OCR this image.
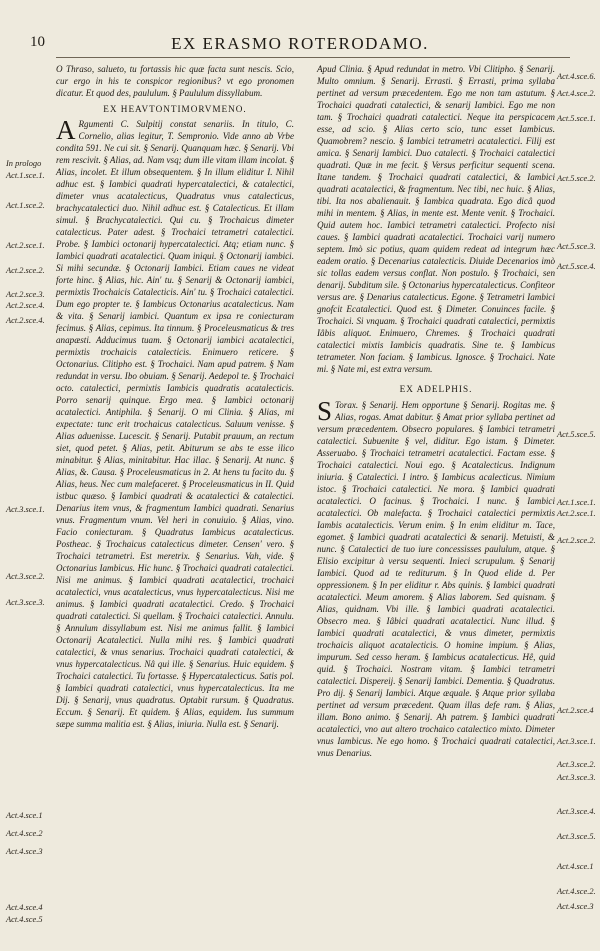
10	EX ERASMO ROTERODAMO.

O Thraso, salueto, tu fortassis hic quæ facta sunt nescis. Scio, cur ergo in his te conspicor regionibus? vt ego pronomen dicatur. Et quod des, paululum. § Paululum dissyllabum.

EX HEAVTONTIMORVMENO.

A Rgumenti C. Sulpitij constat senariis. In titulo, C. Cornelio, alias legitur, T. Sempronio. Vide anno ab Vrbe condita 591. Ne cui sit. § Senarij. Quanquam hæc. § Senarij. Vbi rem rescivit. § Alias, ad. Nam vsq; dum ille vitam illam incolat. § Alias, incolet. Et illum obsequentem. § In illum eliditur I. Nihil adhuc est. § Iambici quadrati hypercatalectici, & catalectici, dimeter vnus acatalecticus, Quadratus vnus catalecticus, brachycatalectici duo. Nihil adhuc est. § Catalecticus. Et illam simul. § Brachycatalectici. Qui cu. § Trochaicus dimeter catalecticus. Pater adest. § Trochaici tetrametri catalectici. Probe. § Iambici octonarij hypercatalectici. Atq; etiam nunc. § Iambici quadrati acatalectici. Quam iniqui. § Octonarij iambici. Si mihi secundæ. § Octonarij Iambici. Etiam caues ne videat forte hinc. § Alias, hic. Ain' tu. § Senarij & Octonarij iambici, permixtis Trochaicis Catalecticis. Ain' tu. § Trochaici catalectici. Dum ego propter te. § Iambicus Octonarius acatalecticus. Nam & vita. § Senarij iambici. Quantum ex ipsa re coniecturam fecimus. § Alias, cepimus. Ita tinnum. § Proceleusmaticus & tres anapæsti. Adducimus tuam. § Octonarij iambici acatalectici, permixtis trochaicis catalecticis. Enimuero reticere. § Octonarius. Clitipho est. § Trochaici. Nam apud patrem. § Nam redundat in versu. Ibo obuiam. § Senarij. Aedepol te. § Trochaici octo. catalectici, permixtis Iambicis quadratis acatalecticis. Porro senarij quinque. Ergo mea. § Iambici octonarij acatalectici. Antiphila. § Senarij. O mi Clinia. § Alias, mi expectate: tunc erit trochaicus catalecticus. Saluum venisse. § Alias aduenisse. Lucescit. § Senarij. Putabit prauum, an rectum siet, quod petet. § Alias, petit. Abiturum se abs te esse ilico minabitur. § Alias, minitabitur. Hac illac. § Senarij. At nunc. § Alias, &. Causa. § Proceleusmaticus in 2. At hens tu facito du. § Alias, heus. Nec cum malefaceret. § Proceleusmaticus in II. Quid istbuc quæso. § Iambici quadrati & acatalectici & catalectici. Denarius item vnus, & fragmentum Iambici quadrati. Senarius vnus. Fragmentum vnum. Vel heri in conuiuio. § Alias, vino. Facio coniecturam. § Quadratus Iambicus acatalecticus. Postheac. § Trochaicus catalecticus dimeter. Censen' vero. § Trochaici tetrametri. Est meretrix. § Senarius. Vah, vide. § Octonarius Iambicus. Hic hunc. § Trochaici quadrati catalectici. Nisi me animus. § Iambici quadrati acatalectici, trochaici acatalectici, vnus acatalecticus, vnus hypercatalecticus. Nisi me animus. § Iambici quadrati acatalectici. Credo. § Trochaici quadrati catalectici. Si quellam. § Trochaici catalectici. Annulu. § Annulum dissyllabum est. Nisi me animus fallit. § Iambici Octonarij Acatalectici. Nulla mihi res. § Iambici quadrati catalectici, & vnus senarius. Trochaici quadrati catalectici, & vnus hypercatalecticus. Nâ qui ille. § Senarius. Huic equidem. § Trochaici catalectici. Tu fortasse. § Hypercatalecticus. Satis pol. § Iambici quadrati catalectici, vnus hypercatalecticus. Ita me Dij. § Senarij, vnus quadratus. Optabit rursum. § Quadratus. Eccum. § Senarij. Et quidem. § Alias, equidem. Ius summum sæpe summa malitia est. § Alias, iniuria. Nulla est. § Senarij.

Apud Clinia. § Apud redundat in metro. Vbi Clitipho. § Senarij. Multo omnium. § Senarij. Errasti. § Errasti, prima syllaba pertinet ad versum præcedentem. Ego me non tam astutum. § Trochaici quadrati catalectici, & senarij Iambici. Ego me non tam. § Trochaici quadrati catalectici. Neque ita perspicacem esse, ad scio. § Alias certo scio, tunc esset Iambicus. Quamobrem? nescio. § Iambici tetrametri acatalectici. Filij est amica. § Senarij Iambici. Duo catalecti. § Trochaici catalectici quadrati. Quæ in me fecit. § Versus perficitur sequenti scena. Itane tandem. § Trochaici quadrati catalectici, & Iambici quadrati acatalectici, & fragmentum. Nec tibi, nec huic. § Alias, tibi. Ita nos abalienauit. § Iambica quadrata. Ego dicâ quod mihi in mentem. § Alias, in mente est. Mente venit. § Trochaici. Quid autem hoc. Iambici tetrametri catalectici. Profecto nisi caues. § Iambici quadrati acatalectici. Trochaici varij numero septem. Imò sic potius, quam quidem redeat ad integrum hæc eadem oratio. § Decenarius catalecticis. Diuide Decenarios imò sic tollas eadem versus conflat. Non postulo. § Trochaici, sen denarij. Subditum sile. § Octonarius hypercatalecticus. Confiteor versus are. § Denarius catalecticus. Egone. § Tetrametri Iambici gnofcit Ecatalectici. Quod est. § Dimeter. Conuinces facile. § Trochaici. Si vnquam. § Trochaici quadrati catalectici, permixtis Iâbis aliquot. Enimuero, Chremes. § Trochaici quadrati catalectici mixtis Iambicis quadratis. Sine te. § Iambicus tetrameter. Non faciam. § Iambicus. Ignosce. § Trochaici. Nate mi. § Nate mi, est extra versum.

EX ADELPHIS.

S Torax. § Senarij. Hem opportune § Senarij. Rogitas me. § Alias, rogas. Amat dabitur. § Amat prior syllaba pertinet ad versum præcedentem. Obsecro populares. § Iambici tetrametri catalectici. Subuenite § vel, diditur. Ego istam. § Dimeter. Asseruabo. § Trochaici tetrametri acatalectici. Factam esse. § Trochaici catalectici. Noui ego. § Acatalecticus. Indignum iniuria. § Catalectici. I intro. § Iambicus acalecticus. Nimium istoc. § Trochaici catalectici. Ne mora. § Iambici quadrati acatalectici. O facinus. § Trochaici. I nunc. § Iambici acatalectici. Ob malefacta. § Trochaici catalectici permixtis Iambis acatalecticis. Verum enim. § In enim eliditur m. Tace, egomet. § Iambici quadrati acatalectici & senarij. Metuisti, & nunc. § Catalectici de tuo iure concessisses paululum, atque. § Elisio excipitur à versu sequenti. Inieci scrupulum. § Senarij Iambici. Quod ad te rediturum. § In Quod elide d. Per oppressionem. § In per eliditur r. Abs quinis. § Iambici quadrati acatalectici. Meum amorem. § Alias laborem. Sed quisnam. § Alias, quidnam. Vbi ille. § Iambici quadrati acatalectici. Obsecro mea. § Iâbici quadrati acatalectici. Nunc illud. § Iambici quadrati acatalectici, & vnus dimeter, permixtis trochaicis aliquot acatalecticis. O homine impium. § Alias, impurum. Sed cesso heram. § Iambicus acatalecticus. Hê, quid quid. § Trochaici. Nostram vitam. § Iambici tetrametri catalectici. Dispereij. § Senarij Iambici. Dementia. § Quadratus. Pro dij. § Senarij Iambici. Atque æquale. § Atque prior syllaba pertinet ad versum præcedent. Quam illas defe ram. § Alias, illam. Bono animo. § Senarij. Ah patrem. § Iambici quadrati acatalectici, vno aut altero trochaico catalectico mixto. Dimeter vnus Iambicus. Ne ego homo. § Trochaici quadrati catalectici, vnus Denarius.

In prologo
Act.1.sce.1.
Act.1.sce.2.
Act.2.sce.1.
Act.2.sce.2.
Act.2.sce.3.
Act.2.sce.4.
Act.2.sce.4.
Act.3.sce.1.
Act.3.sce.2.
Act.3.sce.3.
Act.4.sce.1
Act.4.sce.2
Act.4.sce.3
Act.4.sce.4
Act.4.sce.5
Act.4.sce.6.
Act.4.sce.2.
Act.5.sce.1.
Act.5.sce.2.
Act.5.sce.3.
Act.5.sce.4.
Act.5.sce.5.
Act.1.sce.1.
Act.2.sce.1.
Act.2.sce.2.
Act.2.sce.4
Act.3.sce.1.
Act.3.sce.2.
Act.3.sce.3.
Act.3.sce.4.
Act.3.sce.5.
Act.4.sce.1
Act.4.sce.2.
Act.4.sce.3
